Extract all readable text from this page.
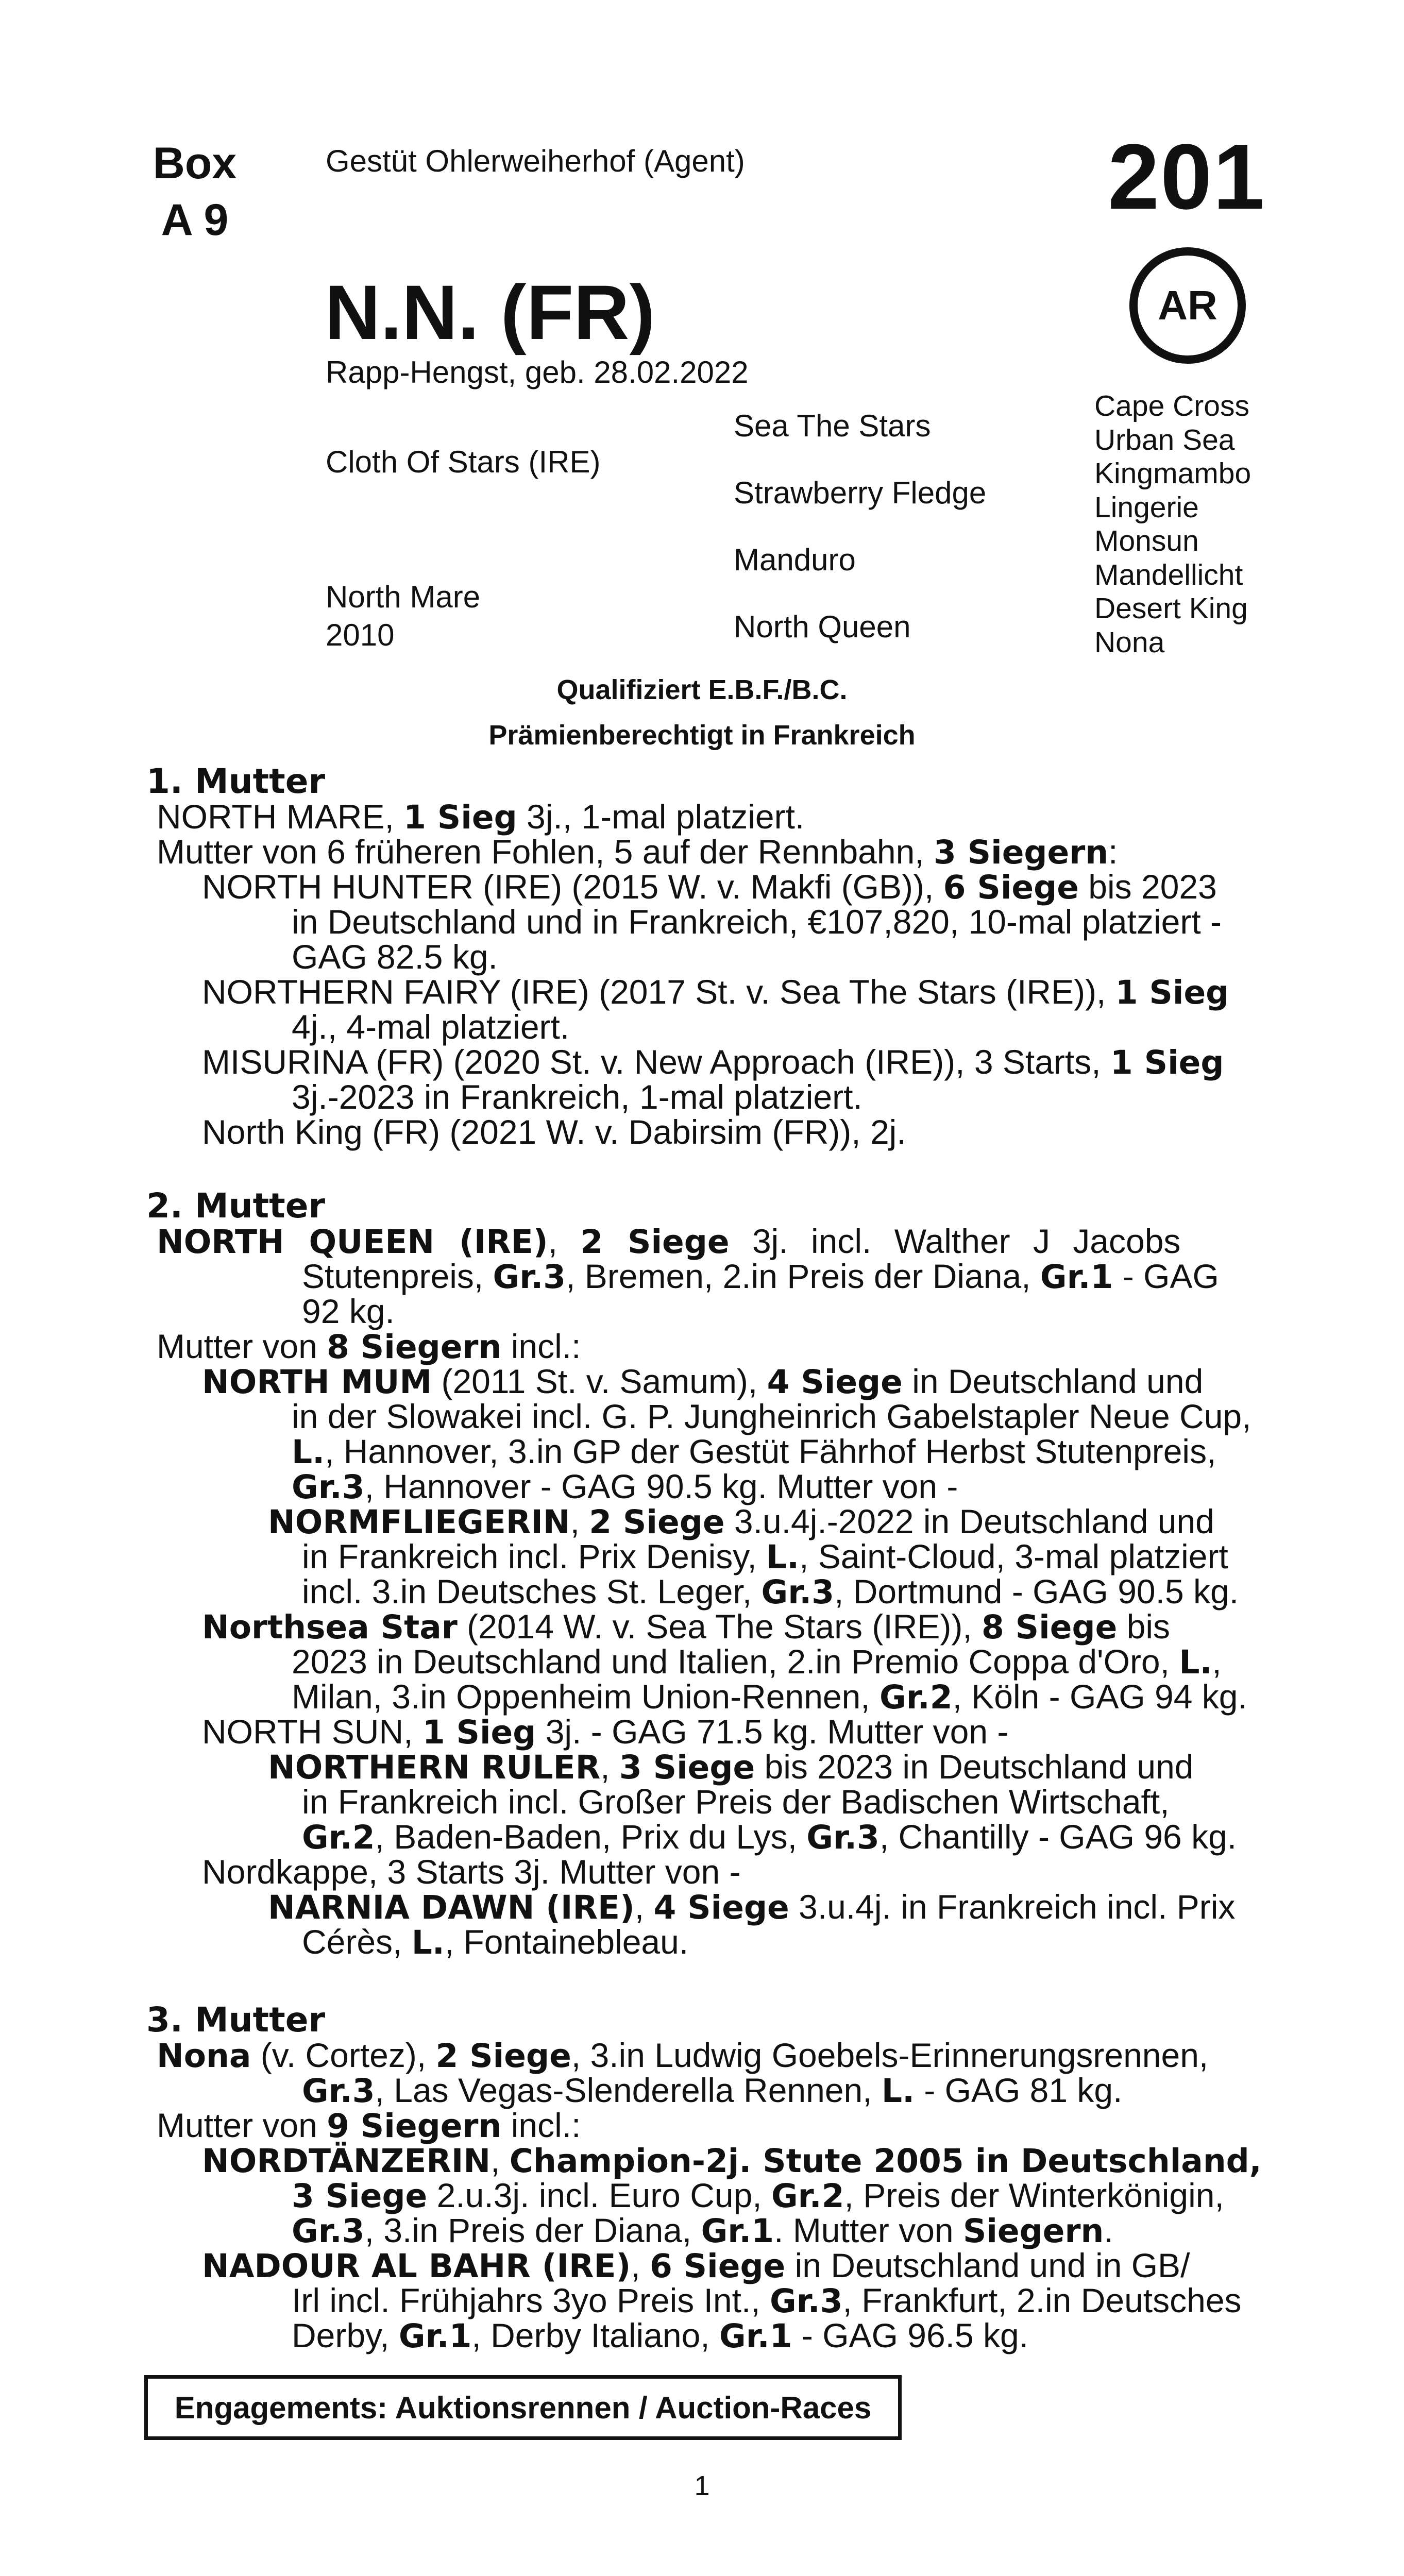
Box
A 9
Gestüt Ohlerweiherhof (Agent)	201
AR
N.N. (FR)
Rapp-Hengst, geb. 28.02.2022
Cloth Of Stars (IRE)
North Mare
2010
Sea The Stars
Strawberry Fledge
Manduro
North Queen
Cape Cross
Urban Sea
Kingmambo
Lingerie
Monsun
Mandellicht
Desert King
Nona
Qualifiziert E.B.F./B.C.
Prämienberechtigt in Frankreich
1. Mutter
NORTH MARE, 1 Sieg 3j., 1-mal platziert.
Mutter von 6 früheren Fohlen, 5 auf der Rennbahn, 3 Siegern:
NORTH HUNTER (IRE) (2015 W. v. Makfi (GB)), 6 Siege bis 2023
in Deutschland und in Frankreich, €107,820, 10-mal platziert -
GAG 82.5 kg.
NORTHERN FAIRY (IRE) (2017 St. v. Sea The Stars (IRE)), 1 Sieg
4j., 4-mal platziert.
MISURINA (FR) (2020 St. v. New Approach (IRE)), 3 Starts, 1 Sieg
3j.-2023 in Frankreich, 1-mal platziert.
North King (FR) (2021 W. v. Dabirsim (FR)), 2j.
2. Mutter
NORTH QUEEN (IRE), 2 Siege 3j. incl. Walther J Jacobs
Stutenpreis, Gr.3, Bremen, 2.in Preis der Diana, Gr.1 - GAG
92 kg.
Mutter von 8 Siegern incl.:
NORTH MUM (2011 St. v. Samum), 4 Siege in Deutschland und
in der Slowakei incl. G. P. Jungheinrich Gabelstapler Neue Cup,
L., Hannover, 3.in GP der Gestüt Fährhof Herbst Stutenpreis,
Gr.3, Hannover - GAG 90.5 kg. Mutter von -
NORMFLIEGERIN, 2 Siege 3.u.4j.-2022 in Deutschland und
in Frankreich incl. Prix Denisy, L., Saint-Cloud, 3-mal platziert
incl. 3.in Deutsches St. Leger, Gr.3, Dortmund - GAG 90.5 kg.
Northsea Star (2014 W. v. Sea The Stars (IRE)), 8 Siege bis
2023 in Deutschland und Italien, 2.in Premio Coppa d'Oro, L.,
Milan, 3.in Oppenheim Union-Rennen, Gr.2, Köln - GAG 94 kg.
NORTH SUN, 1 Sieg 3j. - GAG 71.5 kg. Mutter von -
NORTHERN RULER, 3 Siege bis 2023 in Deutschland und
in Frankreich incl. Großer Preis der Badischen Wirtschaft,
Gr.2, Baden-Baden, Prix du Lys, Gr.3, Chantilly - GAG 96 kg.
Nordkappe, 3 Starts 3j. Mutter von -
NARNIA DAWN (IRE), 4 Siege 3.u.4j. in Frankreich incl. Prix
Cérès, L., Fontainebleau.
3. Mutter
Nona (v. Cortez), 2 Siege, 3.in Ludwig Goebels-Erinnerungsrennen,
Gr.3, Las Vegas-Slenderella Rennen, L. - GAG 81 kg.
Mutter von 9 Siegern incl.:
NORDTÄNZERIN, Champion-2j. Stute 2005 in Deutschland,
3 Siege 2.u.3j. incl. Euro Cup, Gr.2, Preis der Winterkönigin,
Gr.3, 3.in Preis der Diana, Gr.1. Mutter von Siegern.
NADOUR AL BAHR (IRE), 6 Siege in Deutschland und in GB/
Irl incl. Frühjahrs 3yo Preis Int., Gr.3, Frankfurt, 2.in Deutsches
Derby, Gr.1, Derby Italiano, Gr.1 - GAG 96.5 kg.
Engagements: Auktionsrennen / Auction-Races
1
